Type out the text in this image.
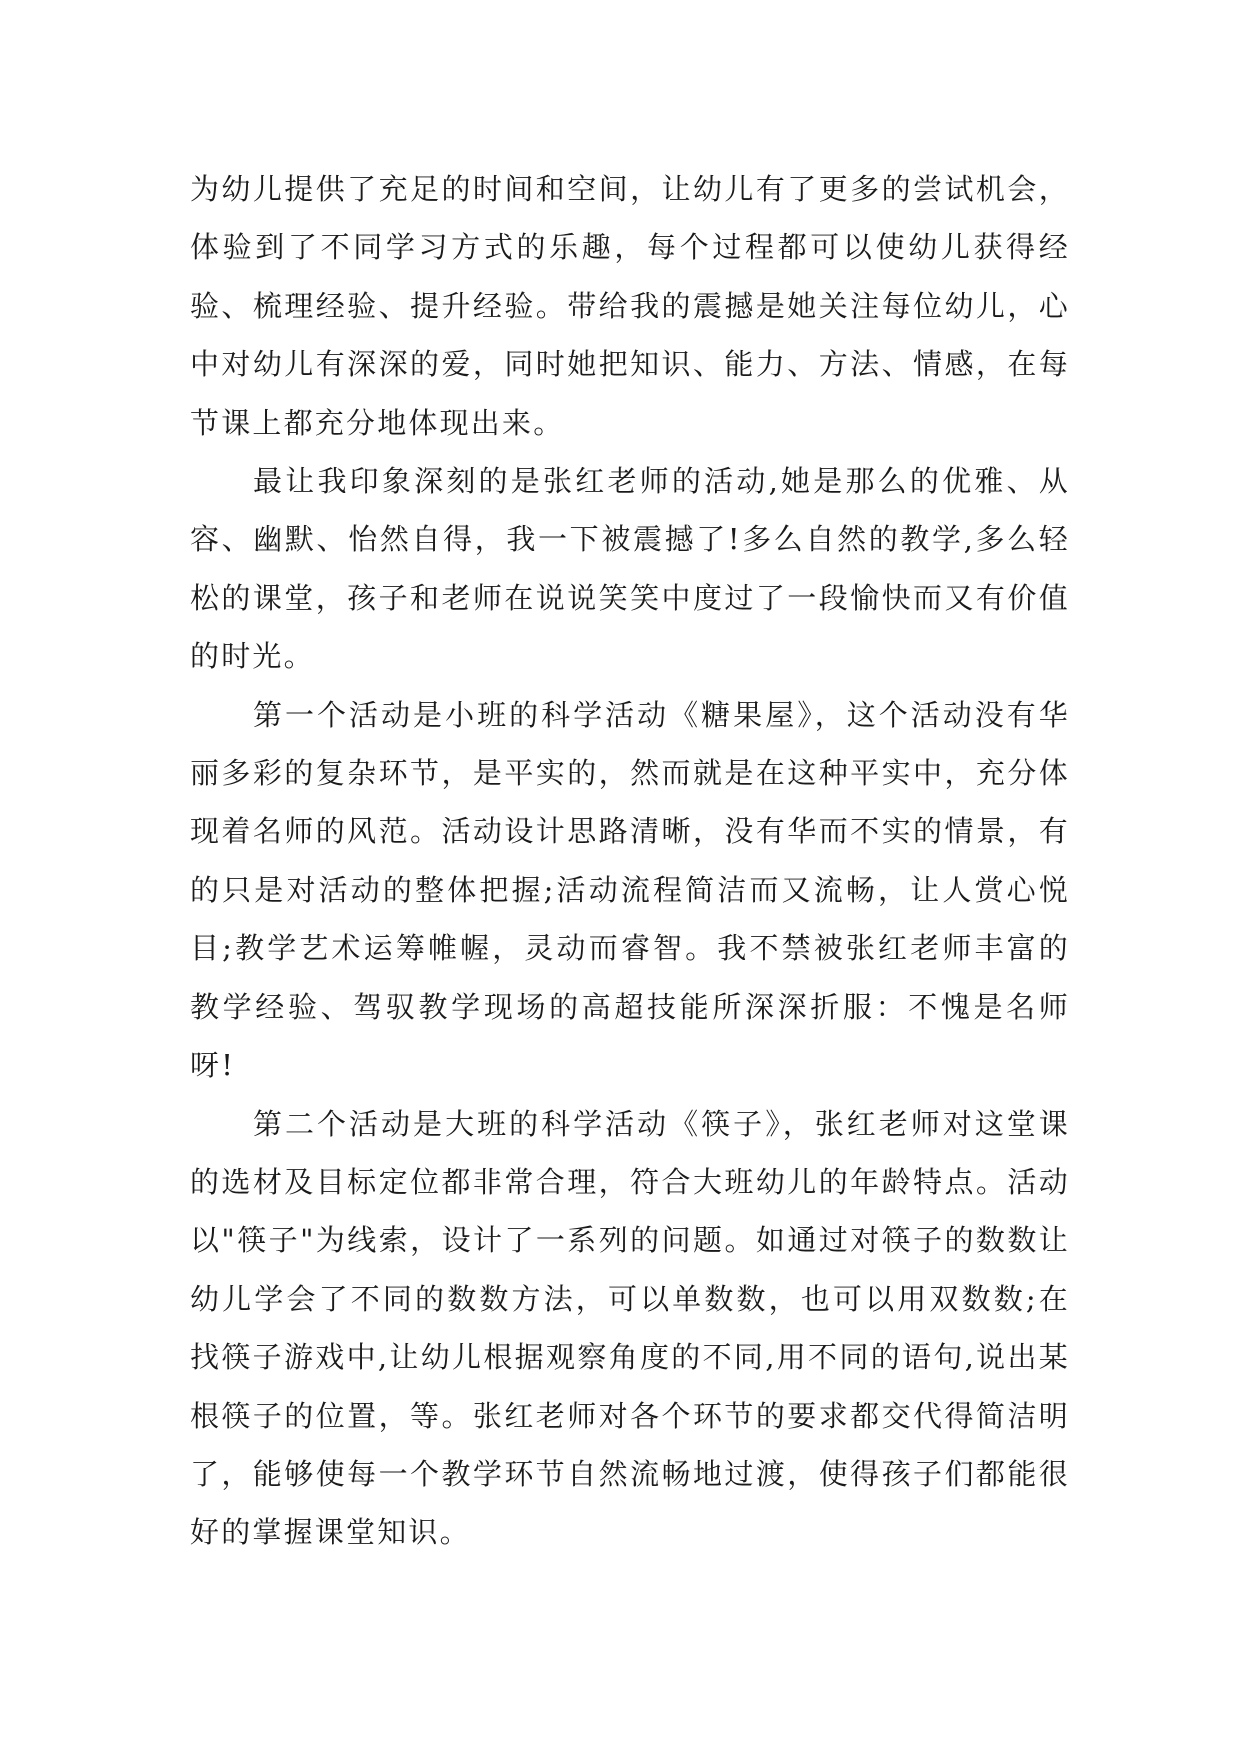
为幼儿提供了充足的时间和空间，让幼儿有了更多的尝试机会，体验到了不同学习方式的乐趣，每个过程都可以使幼儿获得经验、梳理经验、提升经验。带给我的震撼是她关注每位幼儿，心中对幼儿有深深的爱，同时她把知识、能力、方法、情感，在每节课上都充分地体现出来。

最让我印象深刻的是张红老师的活动,她是那么的优雅、从容、幽默、怡然自得，我一下被震撼了!多么自然的教学,多么轻松的课堂，孩子和老师在说说笑笑中度过了一段愉快而又有价值的时光。

第一个活动是小班的科学活动《糖果屋》，这个活动没有华丽多彩的复杂环节，是平实的，然而就是在这种平实中，充分体现着名师的风范。活动设计思路清晰，没有华而不实的情景，有的只是对活动的整体把握;活动流程简洁而又流畅，让人赏心悦目;教学艺术运筹帷幄，灵动而睿智。我不禁被张红老师丰富的教学经验、驾驭教学现场的高超技能所深深折服：不愧是名师呀!

第二个活动是大班的科学活动《筷子》，张红老师对这堂课的选材及目标定位都非常合理，符合大班幼儿的年龄特点。活动以"筷子"为线索，设计了一系列的问题。如通过对筷子的数数让幼儿学会了不同的数数方法，可以单数数，也可以用双数数;在找筷子游戏中,让幼儿根据观察角度的不同,用不同的语句,说出某根筷子的位置，等。张红老师对各个环节的要求都交代得简洁明了，能够使每一个教学环节自然流畅地过渡，使得孩子们都能很好的掌握课堂知识。
